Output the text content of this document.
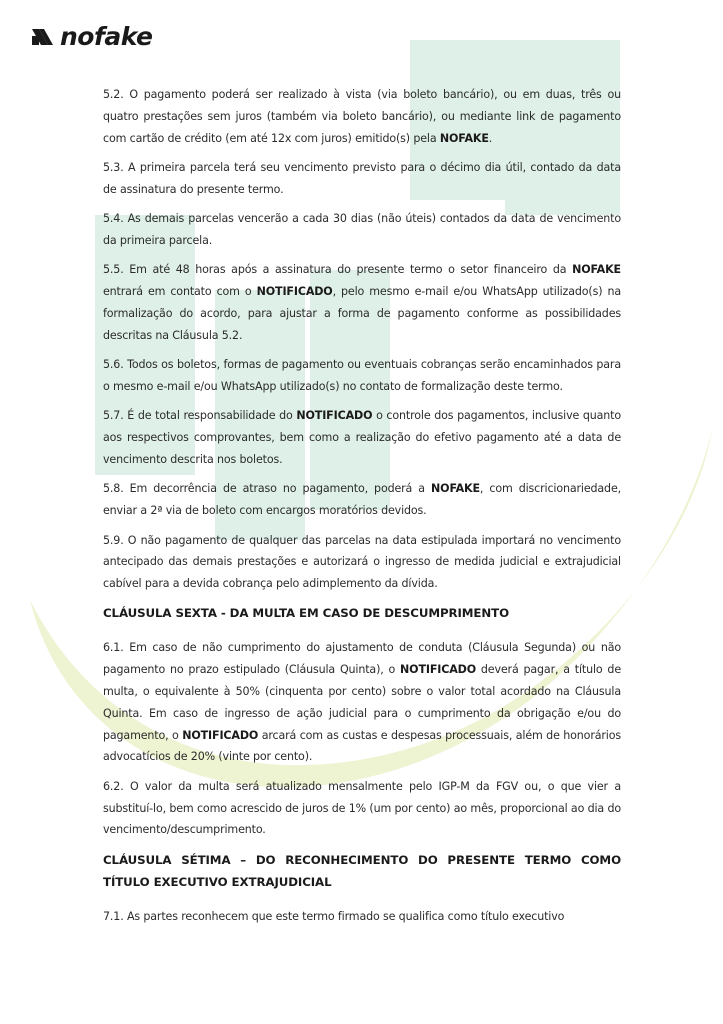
nofake

5.2. O pagamento poderá ser realizado à vista (via boleto bancário), ou em duas, três ou quatro prestações sem juros (também via boleto bancário), ou mediante link de pagamento com cartão de crédito (em até 12x com juros) emitido(s) pela NOFAKE.

5.3. A primeira parcela terá seu vencimento previsto para o décimo dia útil, contado da data de assinatura do presente termo.

5.4. As demais parcelas vencerão a cada 30 dias (não úteis) contados da data de vencimento da primeira parcela.

5.5. Em até 48 horas após a assinatura do presente termo o setor financeiro da NOFAKE entrará em contato com o NOTIFICADO, pelo mesmo e-mail e/ou WhatsApp utilizado(s) na formalização do acordo, para ajustar a forma de pagamento conforme as possibilidades descritas na Cláusula 5.2.

5.6. Todos os boletos, formas de pagamento ou eventuais cobranças serão encaminhados para o mesmo e-mail e/ou WhatsApp utilizado(s) no contato de formalização deste termo.

5.7. É de total responsabilidade do NOTIFICADO o controle dos pagamentos, inclusive quanto aos respectivos comprovantes, bem como a realização do efetivo pagamento até a data de vencimento descrita nos boletos.

5.8. Em decorrência de atraso no pagamento, poderá a NOFAKE, com discricionariedade, enviar a 2ª via de boleto com encargos moratórios devidos.

5.9. O não pagamento de qualquer das parcelas na data estipulada importará no vencimento antecipado das demais prestações e autorizará o ingresso de medida judicial e extrajudicial cabível para a devida cobrança pelo adimplemento da dívida.

CLÁUSULA SEXTA - DA MULTA EM CASO DE DESCUMPRIMENTO

6.1. Em caso de não cumprimento do ajustamento de conduta (Cláusula Segunda) ou não pagamento no prazo estipulado (Cláusula Quinta), o NOTIFICADO deverá pagar, a título de multa, o equivalente à 50% (cinquenta por cento) sobre o valor total acordado na Cláusula Quinta. Em caso de ingresso de ação judicial para o cumprimento da obrigação e/ou do pagamento, o NOTIFICADO arcará com as custas e despesas processuais, além de honorários advocatícios de 20% (vinte por cento).

6.2. O valor da multa será atualizado mensalmente pelo IGP-M da FGV ou, o que vier a substituí-lo, bem como acrescido de juros de 1% (um por cento) ao mês, proporcional ao dia do vencimento/descumprimento.

CLÁUSULA SÉTIMA – DO RECONHECIMENTO DO PRESENTE TERMO COMO TÍTULO EXECUTIVO EXTRAJUDICIAL

7.1. As partes reconhecem que este termo firmado se qualifica como título executivo
